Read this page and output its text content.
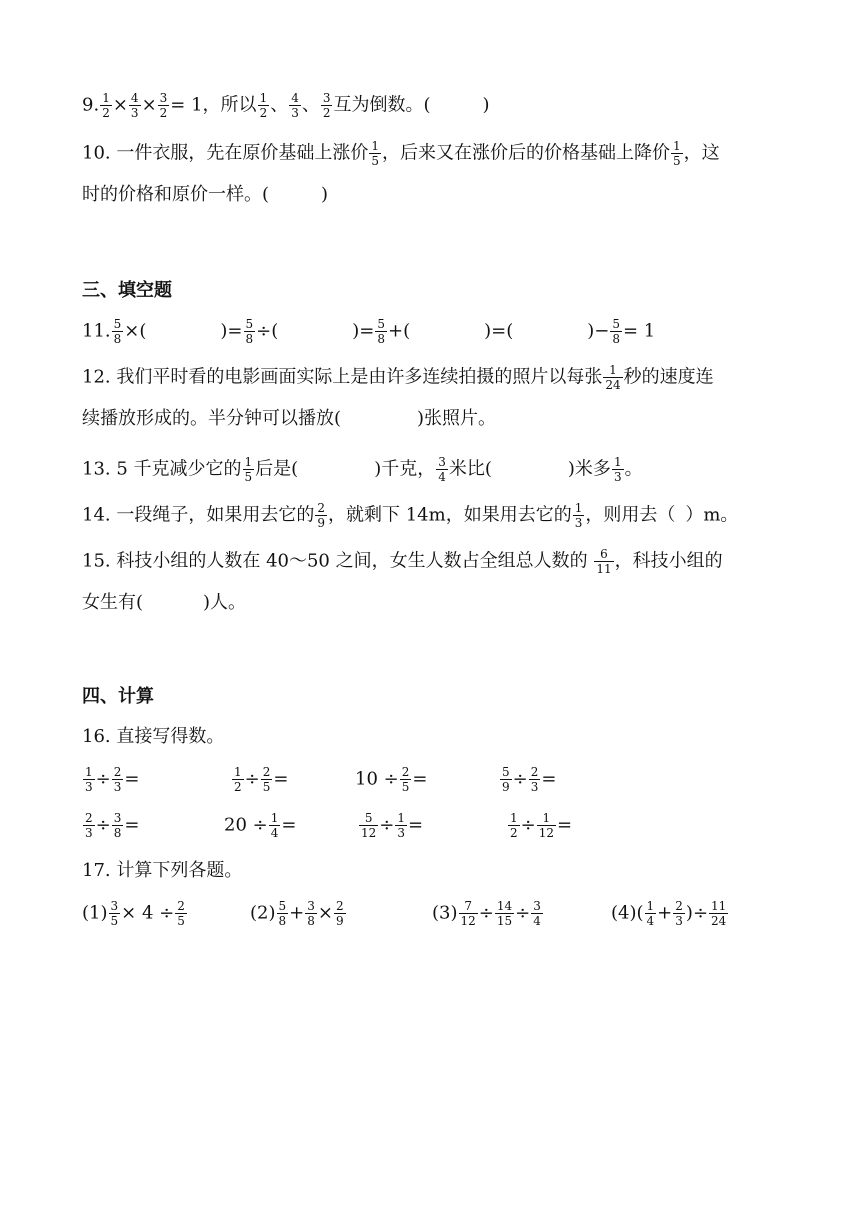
9. $\frac{1}{2} \times \frac{4}{3} \times \frac{3}{2} = 1$，所以 $\frac{1}{2}$ 、 $\frac{4}{3}$ 、 $\frac{3}{2}$ 互为倒数。(	)
10. 一件衣服，先在原价基础上涨价 $\frac{1}{5}$ ，后来又在涨价后的价格基础上降价 $\frac{1}{5}$ ，这
时的价格和原价一样。(	)
三、填空题
11. $\frac{5}{8}$ ×(	)= $\frac{5}{8}$ ÷(	)= $\frac{5}{8}$ +(	)=(	)− $\frac{5}{8} = 1$
12. 我们平时看的电影画面实际上是由许多连续拍摄的照片以每张 $\frac{1}{24}$ 秒的速度连
续播放形成的。半分钟可以播放(	)张照片。
13. 5 千克减少它的 $\frac{1}{5}$ 后是(	)千克， $\frac{3}{4}$ 米比(	)米多 $\frac{1}{3}$ 。
14. 一段绳子，如果用去它的 $\frac{2}{9}$ ，就剩下 14m，如果用去它的 $\frac{1}{3}$ ，则用去（ ）m。
15. 科技小组的人数在 40～50 之间，女生人数占全组总人数的 $\frac{6}{11}$ ，科技小组的
女生有(	)人。
四、计算
16. 直接写得数。
$\frac{1}{3} \div \frac{2}{3}$ =	$\frac{1}{2} \div \frac{2}{5}$ =	$10 \div \frac{2}{5}$ =	$\frac{5}{9} \div \frac{2}{3}$ =
$\frac{2}{3} \div \frac{3}{8}$ =	$20 \div \frac{1}{4}$ =	$\frac{5}{12} \div \frac{1}{3}$ =	$\frac{1}{2} \div \frac{1}{12}$ =
17. 计算下列各题。
$(1) \frac{3}{5} \times 4 \div \frac{2}{5}$	$(2) \frac{5}{8} + \frac{3}{8} \times \frac{2}{9}$	$(3) \frac{7}{12} \div \frac{14}{15} \div \frac{3}{4}$	$(4)( \frac{1}{4} + \frac{2}{3}$ )÷ $\frac{11}{24}$
